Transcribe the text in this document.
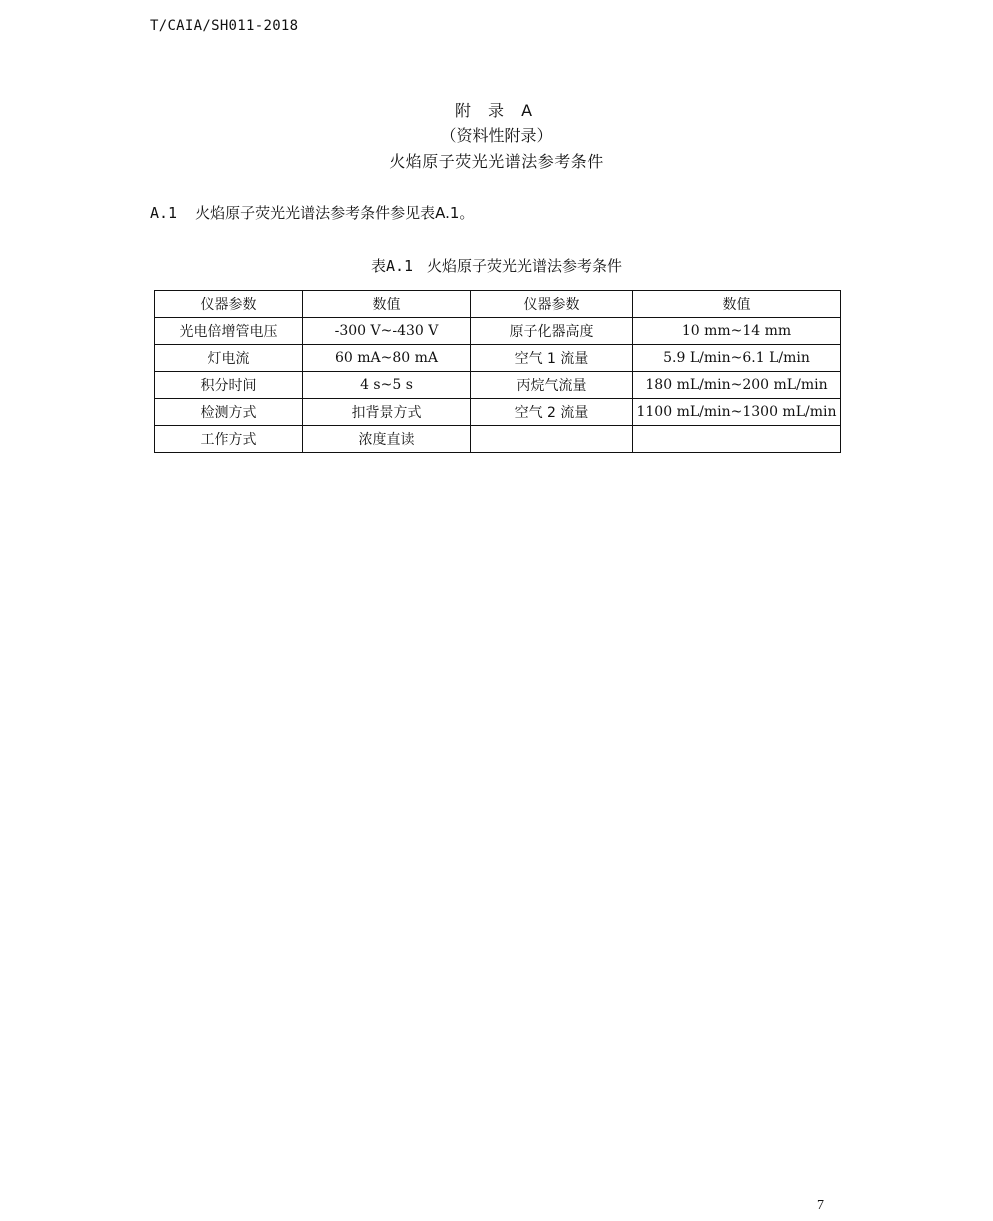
T/CAIA/SH011-2018
附 录 A
（资料性附录）
火焰原子荧光光谱法参考条件
A.1 火焰原子荧光光谱法参考条件参见表A.1。
表A.1 火焰原子荧光光谱法参考条件
仪器参数	数值	仪器参数	数值
光电倍增管电压	-300 V~-430 V	原子化器高度	10 mm~14 mm
灯电流	60 mA~80 mA	空气 1 流量	5.9 L/min~6.1 L/min
积分时间	4 s~5 s	丙烷气流量	180 mL/min~200 mL/min
检测方式	扣背景方式	空气 2 流量	1100 mL/min~1300 mL/min
工作方式	浓度直读		
7
